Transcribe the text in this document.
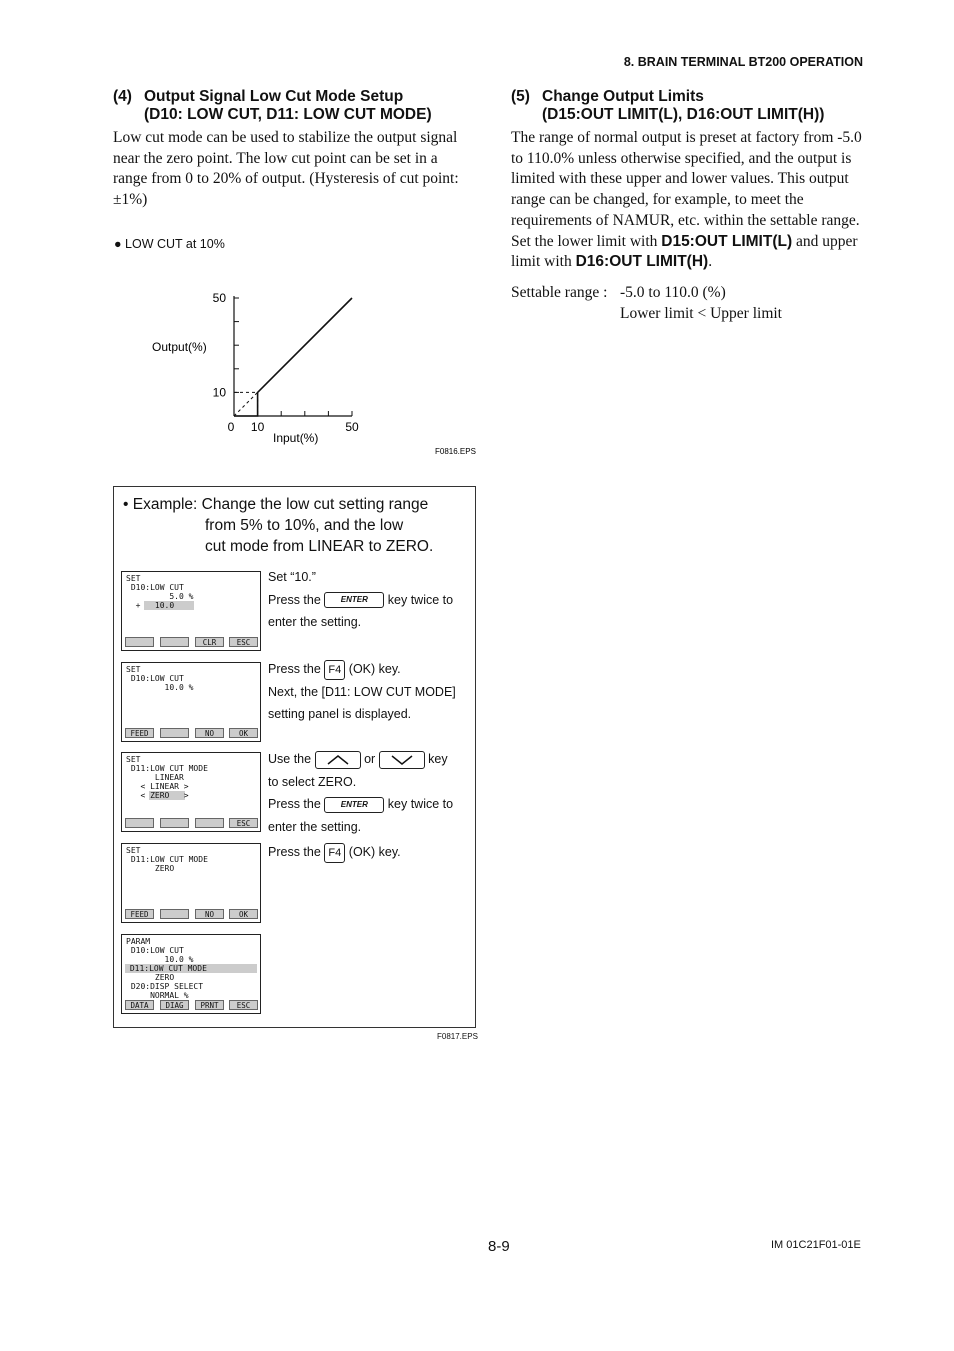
8. BRAIN TERMINAL BT200 OPERATION
(4) Output Signal Low Cut Mode Setup
(D10: LOW CUT, D11: LOW CUT MODE)
Low cut mode can be used to stabilize the output signal near the zero point. The low cut point can be set in a range from 0 to 20% of output. (Hysteresis of cut point: ±1%)
● LOW CUT at 10%
0 10	50
10
50
Output(%)
Input(%)
F0816.EPS
(5) Change Output Limits
(D15:OUT LIMIT(L), D16:OUT LIMIT(H))
The range of normal output is preset at factory from -5.0 to 110.0% unless otherwise specified, and the output is limited with these upper and lower values. This output range can be changed, for example, to meet the requirements of NAMUR, etc. within the settable range. Set the lower limit with D15:OUT LIMIT(L) and upper limit with D16:OUT LIMIT(H).
Settable range : -5.0 to 110.0 (%)
Lower limit < Upper limit
• Example: Change the low cut setting range
from 5% to 10%, and the low
cut mode from LINEAR to ZERO.
SET
D10:LOW CUT
5.0 %
+   10.0
CLR	ESC
SET
D10:LOW CUT
10.0 %
FEED	NO	OK
SET
D11:LOW CUT MODE
LINEAR
< LINEAR >
< ZERO   >
ESC
SET
D11:LOW CUT MODE
ZERO
FEED	NO	OK
PARAM
D10:LOW CUT
10.0 %
D11:LOW CUT MODE
ZERO
D20:DISP SELECT
NORMAL %
DATA	DIAG	PRNT	ESC
Set “10.”
Press the ENTER key twice to
enter the setting.
Press the F4 (OK) key.
Next, the [D11: LOW CUT MODE]
setting panel is displayed.
Use the	or	key
to select ZERO.
Press the ENTER key twice to
enter the setting.
Press the F4 (OK) key.
F0817.EPS
8-9	IM 01C21F01-01E
